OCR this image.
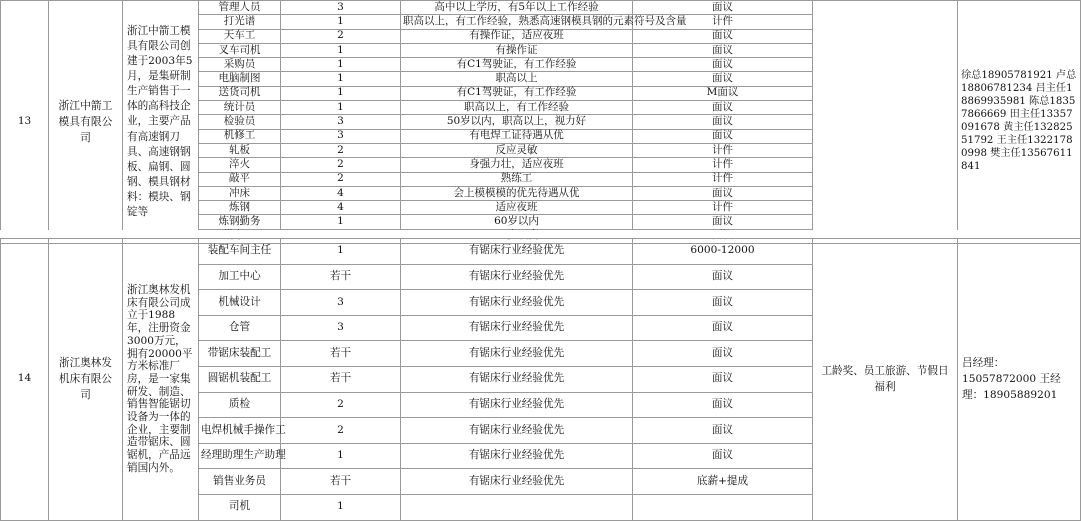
13	浙江中箭工模具有限公司	浙江中箭工模具有限公司创建于2003年5月，是集研制生产销售于一体的高科技企业，主要产品有高速钢刀具、高速钢钢板、扁钢、圆钢、模具钢材料：模块、钢锭等	管理人员	3	高中以上学历，有5年以上工作经验	面议		徐总18905781921 卢总18806781234 吕主任18869935981 陈总18357866669 田主任13357091678 黄主任13282551792 王主任13221780998 樊主任13567611841
			打光谱	1	职高以上，有工作经验，熟悉高速钢模具钢的元素符号及含量	计件		
			天车工	2	有操作证，适应夜班	面议		
			叉车司机	1	有操作证	面议		
			采购员	1	有C1驾驶证，有工作经验	面议		
			电脑制图	1	职高以上	面议		
			送货司机	1	有C1驾驶证，有工作经验	M面议		
			统计员	1	职高以上，有工作经验	面议		
			检验员	3	50岁以内，职高以上，视力好	面议		
			机修工	3	有电焊工证待遇从优	面议		
			轧板	2	反应灵敏	计件		
			淬火	2	身强力壮，适应夜班	计件		
			敲平	2	熟练工	计件		
			冲床	4	会上模模模的优先待遇从优	面议		
			炼钢	4	适应夜班	计件		
			炼钢勤务	1	60岁以内	面议		

14	浙江奥林发机床有限公司	浙江奥林发机床有限公司成立于1988年，注册资金3000万元，拥有20000平方米标准厂房，是一家集研发、制造、销售智能锯切设备为一体的企业，主要制造带锯床、圆锯机，产品远销国内外。	装配车间主任	1	有锯床行业经验优先	6000-12000	工龄奖、员工旅游、节假日福利	吕经理：15057872000 王经理：18905889201
			加工中心	若干	有锯床行业经验优先	面议		
			机械设计	3	有锯床行业经验优先	面议		
			仓管	3	有锯床行业经验优先	面议		
			带锯床装配工	若干	有锯床行业经验优先	面议		
			圆锯机装配工	若干	有锯床行业经验优先	面议		
			质检	2	有锯床行业经验优先	面议		
			电焊机械手操作工	2	有锯床行业经验优先	面议		
			经理助理生产助理	1	有锯床行业经验优先	面议		
			销售业务员	若干	有锯床行业经验优先	底薪+提成		
			司机	1				
